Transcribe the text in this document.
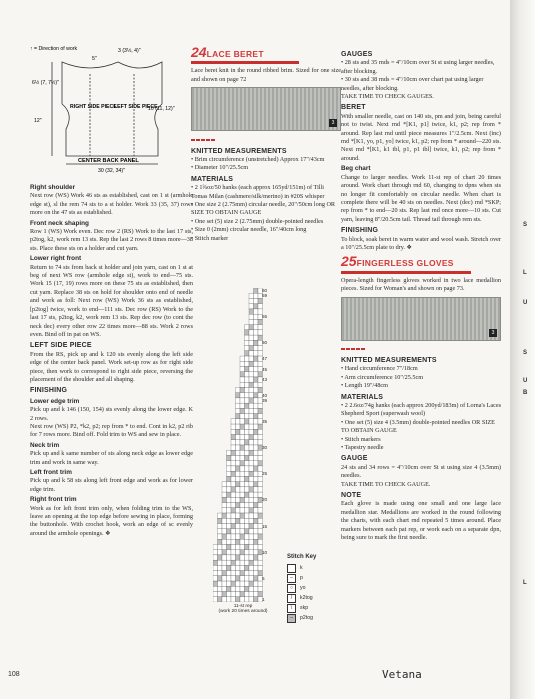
↑ = Direction of work	3 (3½, 4)"
5"
6½ (7, 7½)"
12"
10 (11, 12)"
RIGHT SIDE PIECE
LEFT SIDE PIECE
CENTER BACK PANEL
30 (32, 34)"
Right shoulder

Next row (WS) Work 46 sts as established, cast on 1 st (armhole edge st), sl the rem 74 sts to a st holder. Work 33 (35, 37) rows more on the 47 sts as established.

Front neck shaping

Row 1 (WS) Work even. Dec row 2 (RS) Work to the last 17 sts, p2tog, k2, work rem 13 sts. Rep the last 2 rows 8 times more—38 sts. Place these sts on a holder and cut yarn.

Lower right front

Return to 74 sts from back st holder and join yarn, cast on 1 st at beg of next WS row (armhole edge st), work to end—75 sts. Work 15 (17, 19) rows more on these 75 sts as established, then cut yarn. Replace 38 sts on hold for shoulder onto end of needle and work as foll: Next row (WS) Work 36 sts as established, [p2tog] twice, work to end—111 sts. Dec row (RS) Work to the last 17 sts, p2tog, k2, work rem 13 sts. Rep dec row (to cont the neck dec) every other row 22 times more—88 sts. Work 2 rows even. Bind off in pat on WS.

LEFT SIDE PIECE

From the RS, pick up and k 120 sts evenly along the left side edge of the center back panel. Work set-up row as for right side piece, then work to correspond to right side piece, reversing the placement of the shoulder and all shaping.

FINISHING
Lower edge trim

Pick up and k 146 (150, 154) sts evenly along the lower edge. K 2 rows.

Next row (WS) P2, *k2, p2; rep from * to end. Cont in k2, p2 rib for 7 rows more. Bind off. Fold trim to WS and sew in place.

Neck trim

Pick up and k same number of sts along neck edge as lower edge trim and work in same way.

Left front trim

Pick up and k 58 sts along left front edge and work as for lower edge trim.

Right front trim

Work as for left front trim only, when folding trim to the WS, leave an opening at the top edge before sewing in place, forming the buttonhole. With crochet hook, work an edge of sc evenly around the armhole openings. ❖

24LACE BERET

Lace beret knit in the round ribbed brim. Sized for one size and shown on page 72

3
KNITTED MEASUREMENTS
• Brim circumference (unstretched) Approx 17"/43cm
• Diameter 10"/25.5cm
MATERIALS
• 2 1¾oz/50 hanks (each approx 165yd/151m) of Tilli Tomas Milan (cashmere/silk/merino) in #20S whisper
• One size 2 (2.75mm) circular needle, 20"/50cm long OR SIZE TO OBTAIN GAUGE
• One set (5) size 2 (2.75mm) double-pointed needles
• Size 0 (2mm) circular needle, 16"/40cm long
• Stitch marker
60
59
55
50
47
45
43
40
39
35
30
25
20
15
10
5
1
11-st rep
(work 20 times around)
Stitch Key
k
–	p
○	yo
/	k2tog
\	skp
–	p2tog
GAUGES
• 28 sts and 35 rnds = 4"/10cm over St st using larger needles, after blocking.
• 30 sts and 38 rnds = 4"/10cm over chart pat using larger needles, after blocking.

TAKE TIME TO CHECK GAUGES.

BERET

With smaller needle, cast on 140 sts, pm and join, being careful not to twist. Next rnd *[K1, p1] twice, k1, p2; rep from * around. Rep last rnd until piece measures 1"/2.5cm. Next (inc) rnd *[K1, yo, p1, yo] twice, k1, p2; rep from * around—220 sts. Next rnd *[K1, k1 tbl, p1, p1 tbl] twice, k1, p2; rep from * around.

Beg chart

Change to larger needles. Work 11-st rep of chart 20 times around. Work chart through rnd 60, changing to dpns when sts no longer fit comfortably on circular needle. When chart is complete there will be 40 sts on needles. Next (dec) rnd *SKP; rep from * to end—20 sts. Rep last rnd once more—10 sts. Cut yarn, leaving 8"/20.5cm tail. Thread tail through rem sts.

FINISHING

To block, soak beret in warm water and wool wash. Stretch over a 10"/25.5cm plate to dry. ❖

25FINGERLESS GLOVES

Opera-length fingerless gloves worked in two lace medallion pieces. Sized for Woman's and shown on page 73.

3
KNITTED MEASUREMENTS
• Hand circumference 7"/18cm
• Arm circumference 10"/25.5cm
• Length 19"/48cm
MATERIALS
• 2 2.6oz/74g hanks (each approx 200yd/183m) of Lorna's Laces Shepherd Sport (superwash wool)
• One set (5) size 4 (3.5mm) double-pointed needles OR SIZE TO OBTAIN GAUGE
• Stitch markers
• Tapestry needle
GAUGE

24 sts and 34 rows = 4"/10cm over St st using size 4 (3.5mm) needles.

TAKE TIME TO CHECK GAUGE.

NOTE

Each glove is made using one small and one large lace medallion star. Medallions are worked in the round following the charts, with each chart rnd repeated 5 times around. Place markers between each pat rep, or work each on a separate dpn, being sure to mark the first needle.

S
L
U
S
U
B
L
108	Vetana
